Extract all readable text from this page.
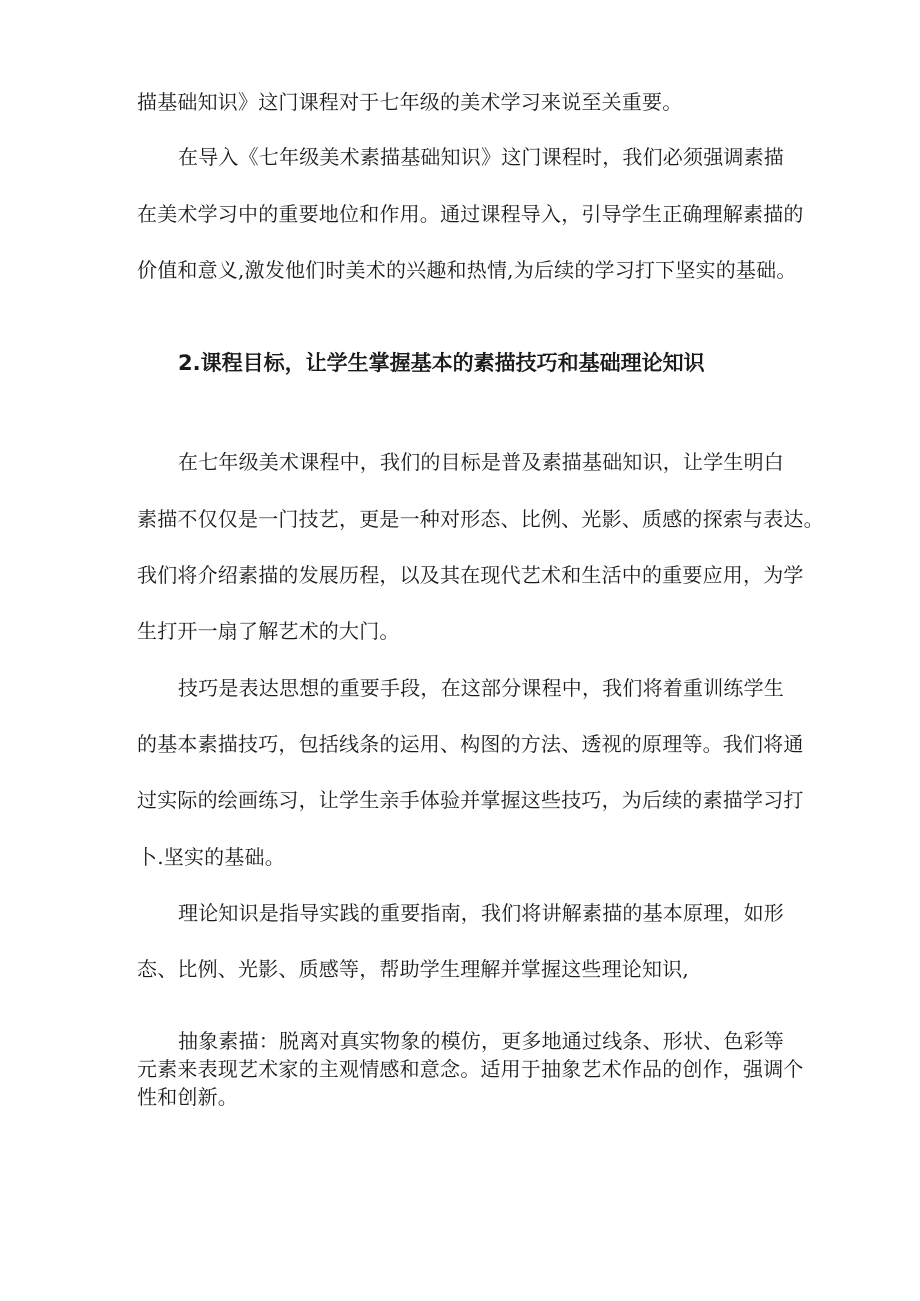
描基础知识》这门课程对于七年级的美术学习来说至关重要。
在导入《七年级美术素描基础知识》这门课程时，我们必须强调素描
在美术学习中的重要地位和作用。通过课程导入，引导学生正确理解素描的
价值和意义,激发他们时美术的兴趣和热情,为后续的学习打下坚实的基础。
2.课程目标，让学生掌握基本的素描技巧和基础理论知识
在七年级美术课程中，我们的目标是普及素描基础知识，让学生明白
素描不仅仅是一门技艺，更是一种对形态、比例、光影、质感的探索与表达。
我们将介绍素描的发展历程，以及其在现代艺术和生活中的重要应用，为学
生打开一扇了解艺术的大门。
技巧是表达思想的重要手段，在这部分课程中，我们将着重训练学生
的基本素描技巧，包括线条的运用、构图的方法、透视的原理等。我们将通
过实际的绘画练习，让学生亲手体验并掌握这些技巧，为后续的素描学习打
卜.坚实的基础。
理论知识是指导实践的重要指南，我们将讲解素描的基本原理，如形
态、比例、光影、质感等，帮助学生理解并掌握这些理论知识,
抽象素描：脱离对真实物象的模仿，更多地通过线条、形状、色彩等
元素来表现艺术家的主观情感和意念。适用于抽象艺术作品的创作，强调个
性和创新。
